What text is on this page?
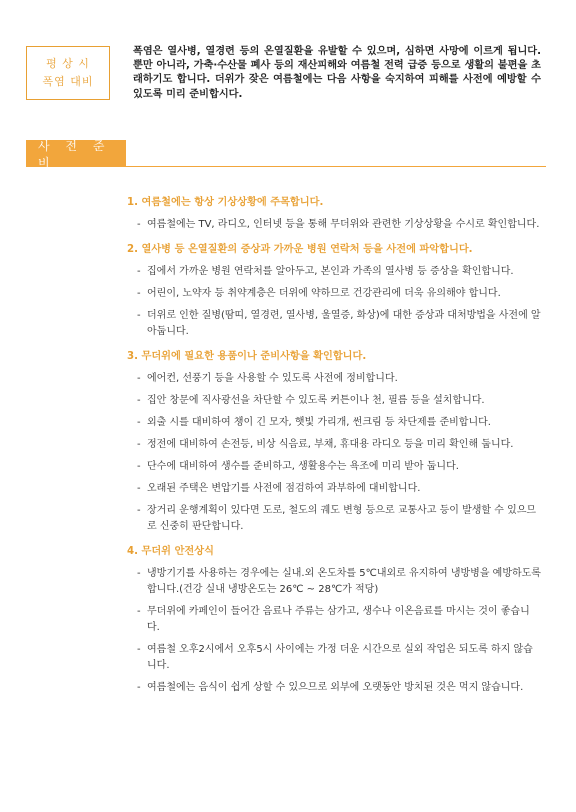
평 상 시
폭염 대비

폭염은 열사병, 열경련 등의 온열질환을 유발할 수 있으며, 심하면 사망에 이르게 됩니다. 뿐만 아니라, 가축·수산물 폐사 등의 재산피해와 여름철 전력 급증 등으로 생활의 불편을 초래하기도 합니다. 더위가 잦은 여름철에는 다음 사항을 숙지하여 피해를 사전에 예방할 수 있도록 미리 준비합시다.

사 전 준 비

1. 여름철에는 항상 기상상황에 주목합니다.

- 여름철에는 TV, 라디오, 인터넷 등을 통해 무더위와 관련한 기상상황을 수시로 확인합니다.

2. 열사병 등 온열질환의 증상과 가까운 병원 연락처 등을 사전에 파악합니다.

- 집에서 가까운 병원 연락처를 알아두고, 본인과 가족의 열사병 등 증상을 확인합니다.
- 어린이, 노약자 등 취약계층은 더위에 약하므로 건강관리에 더욱 유의해야 합니다.
- 더위로 인한 질병(땀띠, 열경련, 열사병, 울열증, 화상)에 대한 증상과 대처방법을 사전에 알아둡니다.

3. 무더위에 필요한 용품이나 준비사항을 확인합니다.

- 에어컨, 선풍기 등을 사용할 수 있도록 사전에 정비합니다.
- 집안 창문에 직사광선을 차단할 수 있도록 커튼이나 천, 필름 등을 설치합니다.
- 외출 시를 대비하여 챙이 긴 모자, 햇빛 가리개, 썬크림 등 차단제를 준비합니다.
- 정전에 대비하여 손전등, 비상 식음료, 부채, 휴대용 라디오 등을 미리 확인해 둡니다.
- 단수에 대비하여 생수를 준비하고, 생활용수는 욕조에 미리 받아 둡니다.
- 오래된 주택은 변압기를 사전에 점검하여 과부하에 대비합니다.
- 장거리 운행계획이 있다면 도로, 철도의 궤도 변형 등으로 교통사고 등이 발생할 수 있으므로 신중히 판단합니다.

4. 무더위 안전상식

- 냉방기기를 사용하는 경우에는 실내.외 온도차를 5℃내외로 유지하여 냉방병을 예방하도록 합니다.(건강 실내 냉방온도는 26℃ ~ 28℃가 적당)
- 무더위에 카페인이 들어간 음료나 주류는 삼가고, 생수나 이온음료를 마시는 것이 좋습니다.
- 여름철 오후2시에서 오후5시 사이에는 가정 더운 시간으로 실외 작업은 되도록 하지 않습니다.
- 여름철에는 음식이 쉽게 상할 수 있으므로 외부에 오랫동안 방치된 것은 먹지 않습니다.
